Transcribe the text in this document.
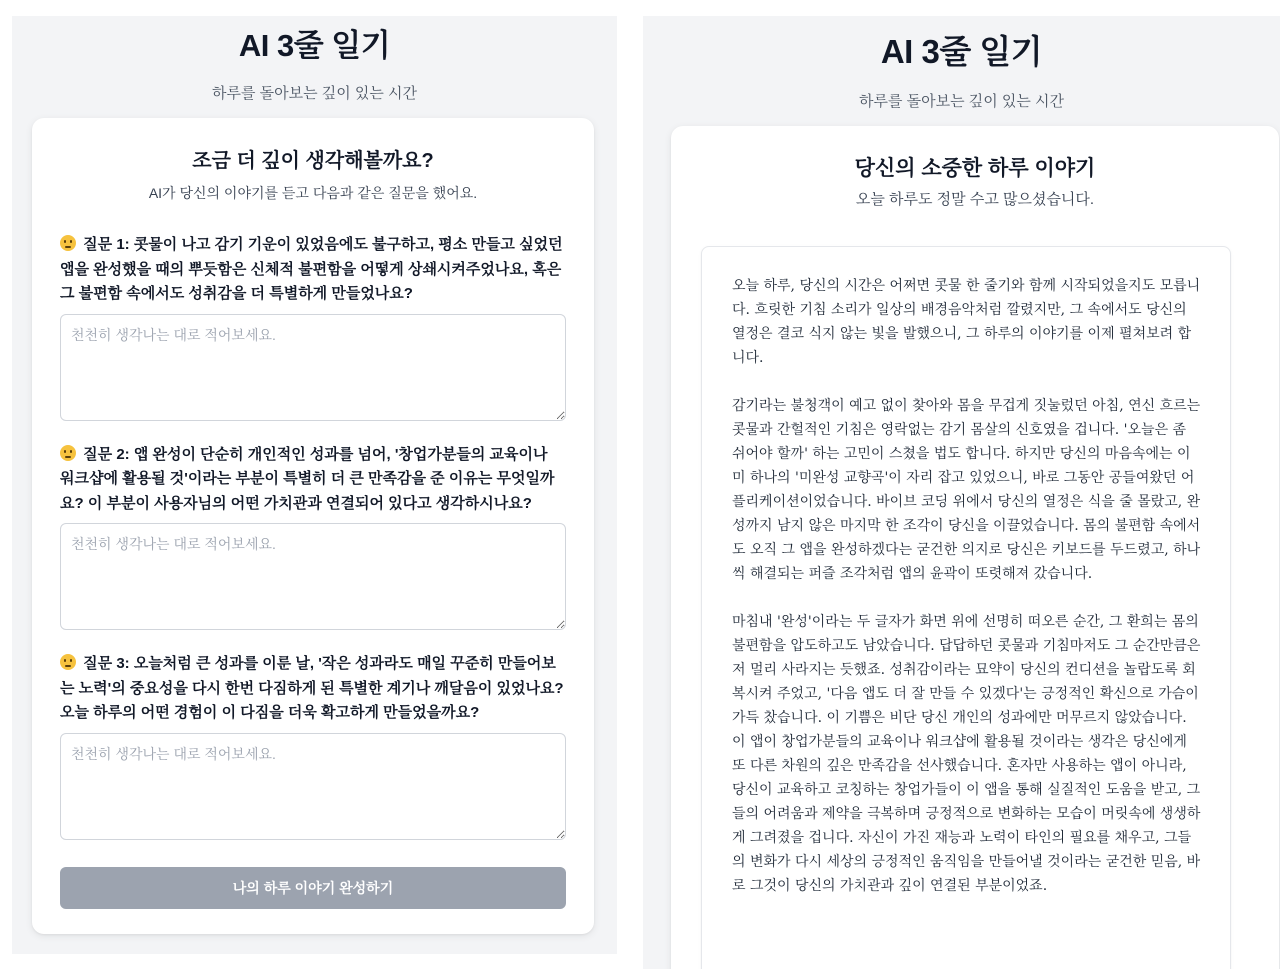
AI 3줄 일기

하루를 돌아보는 깊이 있는 시간

조금 더 깊이 생각해볼까요?

AI가 당신의 이야기를 듣고 다음과 같은 질문을 했어요.

질문 1: 콧물이 나고 감기 기운이 있었음에도 불구하고, 평소 만들고 싶었던 앱을 완성했을 때의 뿌듯함은 신체적 불편함을 어떻게 상쇄시켜주었나요, 혹은 그 불편함 속에서도 성취감을 더 특별하게 만들었나요?

천천히 생각나는 대로 적어보세요.

질문 2: 앱 완성이 단순히 개인적인 성과를 넘어, '창업가분들의 교육이나 워크샵에 활용될 것'이라는 부분이 특별히 더 큰 만족감을 준 이유는 무엇일까요? 이 부분이 사용자님의 어떤 가치관과 연결되어 있다고 생각하시나요?

천천히 생각나는 대로 적어보세요.

질문 3: 오늘처럼 큰 성과를 이룬 날, '작은 성과라도 매일 꾸준히 만들어보는 노력'의 중요성을 다시 한번 다짐하게 된 특별한 계기나 깨달음이 있었나요? 오늘 하루의 어떤 경험이 이 다짐을 더욱 확고하게 만들었을까요?

천천히 생각나는 대로 적어보세요.
나의 하루 이야기 완성하기
AI 3줄 일기

하루를 돌아보는 깊이 있는 시간

당신의 소중한 하루 이야기

오늘 하루도 정말 수고 많으셨습니다.

오늘 하루, 당신의 시간은 어쩌면 콧물 한 줄기와 함께 시작되었을지도 모릅니다. 흐릿한 기침 소리가 일상의 배경음악처럼 깔렸지만, 그 속에서도 당신의 열정은 결코 식지 않는 빛을 발했으니, 그 하루의 이야기를 이제 펼쳐보려 합니다.

감기라는 불청객이 예고 없이 찾아와 몸을 무겁게 짓눌렀던 아침, 연신 흐르는 콧물과 간헐적인 기침은 영락없는 감기 몸살의 신호였을 겁니다. '오늘은 좀 쉬어야 할까' 하는 고민이 스쳤을 법도 합니다. 하지만 당신의 마음속에는 이미 하나의 '미완성 교향곡'이 자리 잡고 있었으니, 바로 그동안 공들여왔던 어플리케이션이었습니다. 바이브 코딩 위에서 당신의 열정은 식을 줄 몰랐고, 완성까지 남지 않은 마지막 한 조각이 당신을 이끌었습니다. 몸의 불편함 속에서도 오직 그 앱을 완성하겠다는 굳건한 의지로 당신은 키보드를 두드렸고, 하나씩 해결되는 퍼즐 조각처럼 앱의 윤곽이 또렷해져 갔습니다.

마침내 '완성'이라는 두 글자가 화면 위에 선명히 떠오른 순간, 그 환희는 몸의 불편함을 압도하고도 남았습니다. 답답하던 콧물과 기침마저도 그 순간만큼은 저 멀리 사라지는 듯했죠. 성취감이라는 묘약이 당신의 컨디션을 놀랍도록 회복시켜 주었고, '다음 앱도 더 잘 만들 수 있겠다'는 긍정적인 확신으로 가슴이 가득 찼습니다. 이 기쁨은 비단 당신 개인의 성과에만 머무르지 않았습니다. 이 앱이 창업가분들의 교육이나 워크샵에 활용될 것이라는 생각은 당신에게 또 다른 차원의 깊은 만족감을 선사했습니다. 혼자만 사용하는 앱이 아니라, 당신이 교육하고 코칭하는 창업가들이 이 앱을 통해 실질적인 도움을 받고, 그들의 어려움과 제약을 극복하며 긍정적으로 변화하는 모습이 머릿속에 생생하게 그려졌을 겁니다. 자신이 가진 재능과 노력이 타인의 필요를 채우고, 그들의 변화가 다시 세상의 긍정적인 움직임을 만들어낼 것이라는 굳건한 믿음, 바로 그것이 당신의 가치관과 깊이 연결된 부분이었죠.
